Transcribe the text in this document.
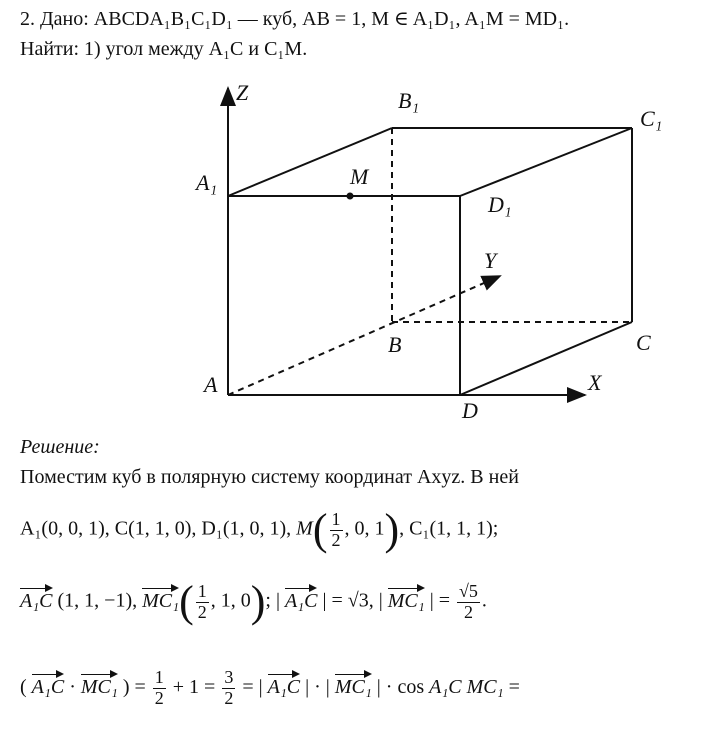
2. Дано: ABCDA₁B₁C₁D₁ — куб, AB = 1, M ∈ A₁D₁, A₁M = MD₁.
Найти: 1) угол между A₁C и C₁M.
Z
Y
X
A
B	C
D
A₁
B₁
C₁
D₁
M
Решение:
Поместим куб в полярную систему координат Axyz. В ней
A₁(0, 0, 1), C(1, 1, 0), D₁(1, 0, 1), $M( \frac{1}{2}$ , 0, 1), C₁(1, 1, 1);
A₁C (1, 1, −1), $MC_1( \frac{1}{2}$ , 1, 0); | A₁C | = √3, | MC₁ | = $\frac{√5}{2}$ .
( A₁C · MC₁ ) = $\frac{1}{2} + 1 = \frac{3}{2}$ = | A₁C | · | MC₁ | · cos A₁C MC₁ =
